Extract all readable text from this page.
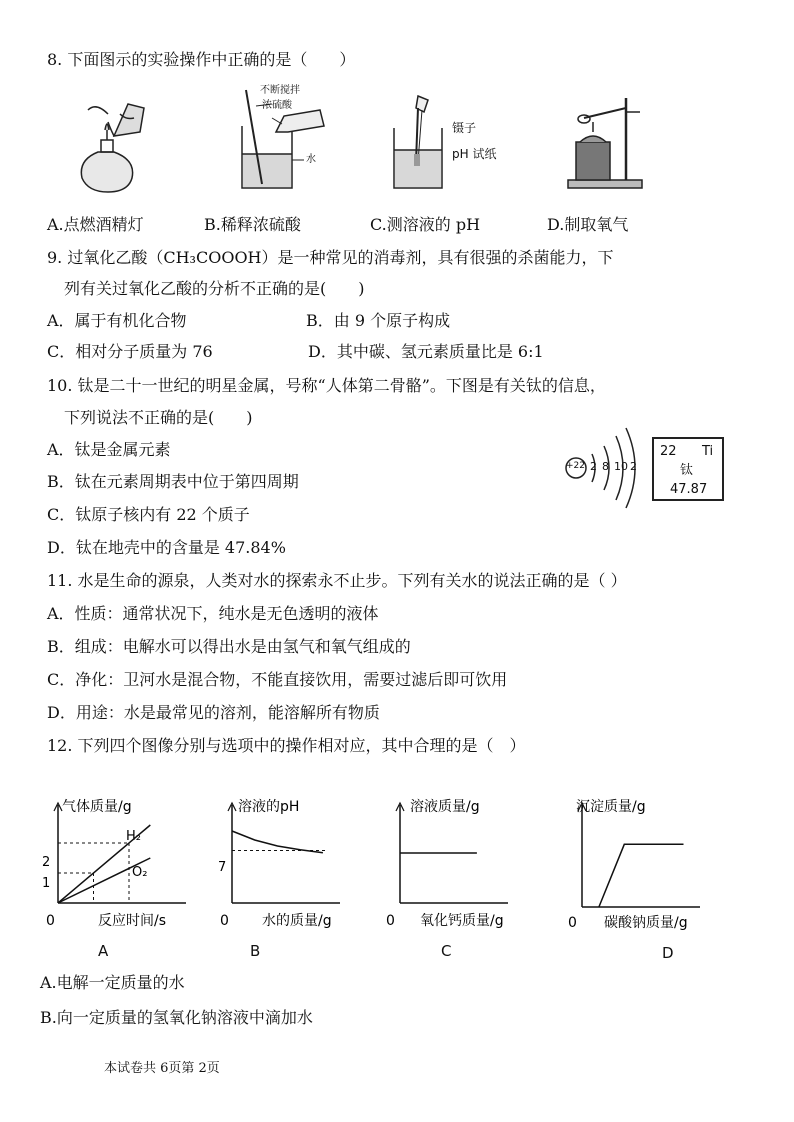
8. 下面图示的实验操作中正确的是（　　）
不断搅拌
浓硫酸
水
镊子
pH 试纸
A.点燃酒精灯	B.稀释浓硫酸	C.测溶液的 pH	D.制取氧气
9. 过氧化乙酸（CH₃COOOH）是一种常见的消毒剂，具有很强的杀菌能力，下
列有关过氧化乙酸的分析不正确的是(　　)
A．属于有机化合物	B．由 9 个原子构成
C．相对分子质量为 76	D．其中碳、氢元素质量比是 6:1
10. 钛是二十一世纪的明星金属，号称“人体第二骨骼”。下图是有关钛的信息，
下列说法不正确的是(　　)
A．钛是金属元素
B．钛在元素周期表中位于第四周期
C．钛原子核内有 22 个质子
D．钛在地壳中的含量是 47.84%
+22 2 8 10 2
22 Ti
钛
47.87
11. 水是生命的源泉，人类对水的探索永不止步。下列有关水的说法正确的是（ ）
A．性质：通常状况下，纯水是无色透明的液体
B．组成：电解水可以得出水是由氢气和氧气组成的
C．净化：卫河水是混合物，不能直接饮用，需要过滤后即可饮用
D．用途：水是最常见的溶剂，能溶解所有物质
12. 下列四个图像分别与选项中的操作相对应，其中合理的是（　）
气体质量/g
0	反应时间/s
2
1
H₂
O₂
A
溶液的pH
0 水的质量/g
7
B
溶液质量/g
0 氧化钙质量/g
C
沉淀质量/g
0 碳酸钠质量/g
D
A.电解一定质量的水
B.向一定质量的氢氧化钠溶液中滴加水
本试卷共 6页第 2页
